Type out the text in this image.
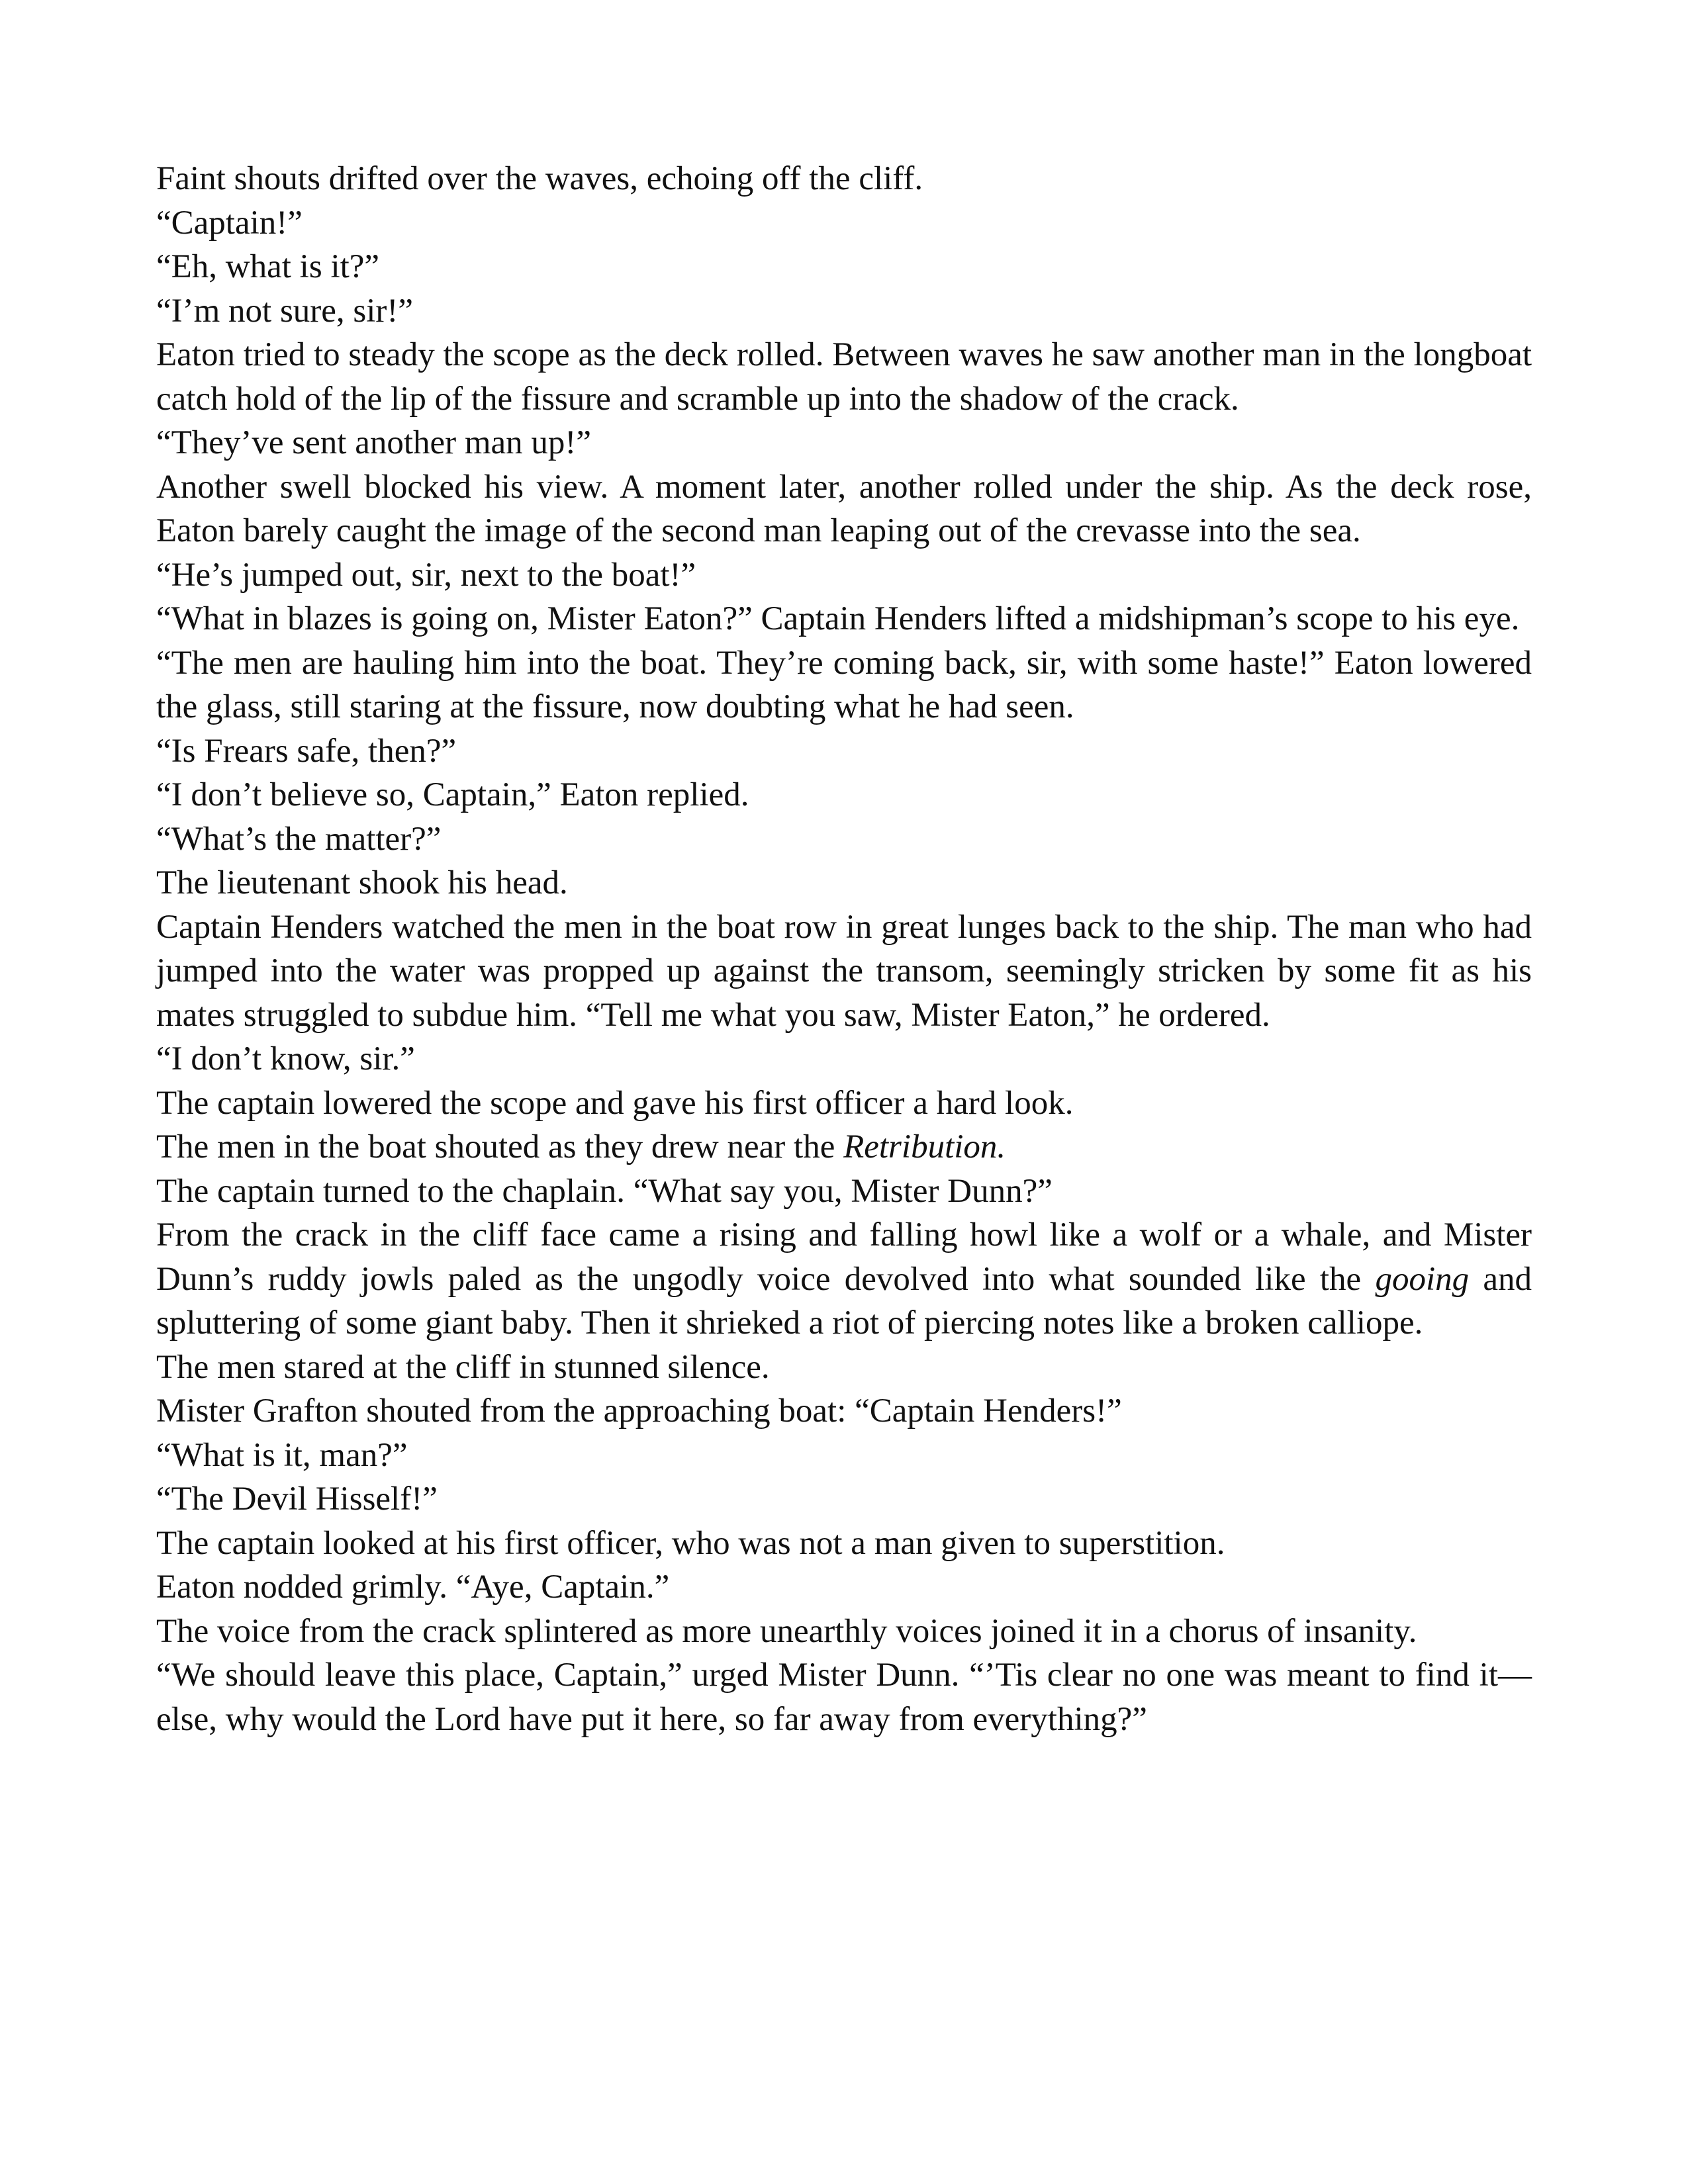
Faint shouts drifted over the waves, echoing off the cliff.

“Captain!”

“Eh, what is it?”

“I’m not sure, sir!”

Eaton tried to steady the scope as the deck rolled. Between waves he saw another man in the longboat catch hold of the lip of the fissure and scramble up into the shadow of the crack.

“They’ve sent another man up!”

Another swell blocked his view. A moment later, another rolled under the ship. As the deck rose, Eaton barely caught the image of the second man leaping out of the crevasse into the sea.

“He’s jumped out, sir, next to the boat!”

“What in blazes is going on, Mister Eaton?” Captain Henders lifted a midshipman’s scope to his eye.

“The men are hauling him into the boat. They’re coming back, sir, with some haste!” Eaton lowered the glass, still staring at the fissure, now doubting what he had seen.

“Is Frears safe, then?”

“I don’t believe so, Captain,” Eaton replied.

“What’s the matter?”

The lieutenant shook his head.

Captain Henders watched the men in the boat row in great lunges back to the ship. The man who had jumped into the water was propped up against the transom, seemingly stricken by some fit as his mates struggled to subdue him. “Tell me what you saw, Mister Eaton,” he ordered.

“I don’t know, sir.”

The captain lowered the scope and gave his first officer a hard look.

The men in the boat shouted as they drew near the Retribution.

The captain turned to the chaplain. “What say you, Mister Dunn?”

From the crack in the cliff face came a rising and falling howl like a wolf or a whale, and Mister Dunn’s ruddy jowls paled as the ungodly voice devolved into what sounded like the gooing and spluttering of some giant baby. Then it shrieked a riot of piercing notes like a broken calliope.

The men stared at the cliff in stunned silence.

Mister Grafton shouted from the approaching boat: “Captain Henders!”

“What is it, man?”

“The Devil Hisself!”

The captain looked at his first officer, who was not a man given to superstition.

Eaton nodded grimly. “Aye, Captain.”

The voice from the crack splintered as more unearthly voices joined it in a chorus of insanity.

“We should leave this place, Captain,” urged Mister Dunn. “’Tis clear no one was meant to find it—else, why would the Lord have put it here, so far away from everything?”
